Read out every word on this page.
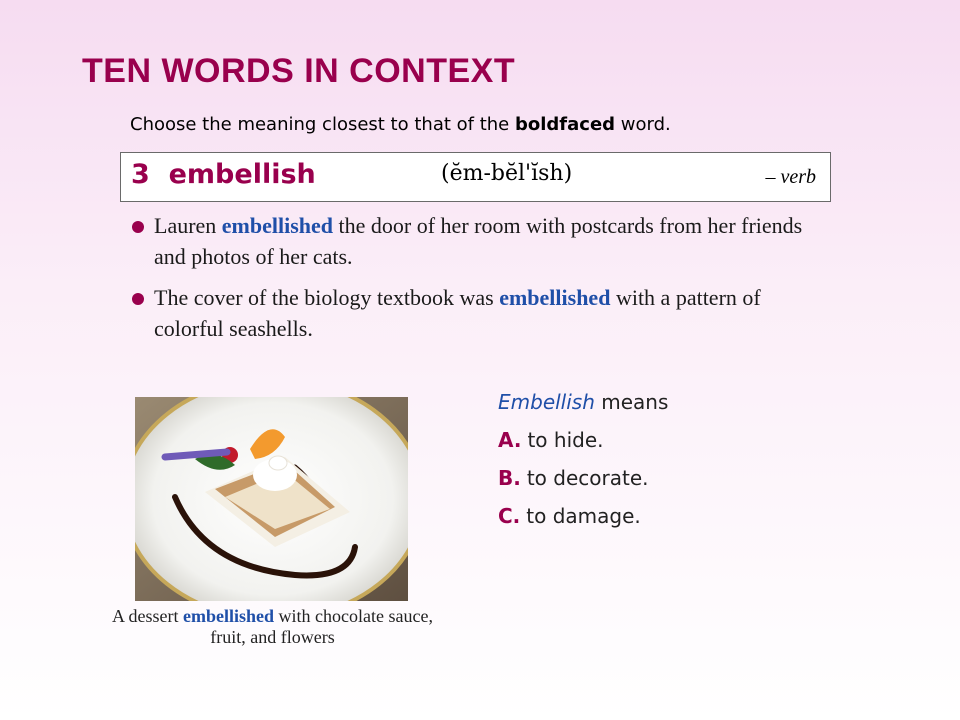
TEN WORDS IN CONTEXT
Choose the meaning closest to that of the boldfaced word.
3 embellish	(ĕm-bĕl'ĭsh)	– verb
Lauren embellished the door of her room with postcards from her friends and photos of her cats.
The cover of the biology textbook was embellished with a pattern of colorful seashells.
A dessert embellished with chocolate sauce, fruit, and flowers
Embellish means
A. to hide.
B. to decorate.
C. to damage.
